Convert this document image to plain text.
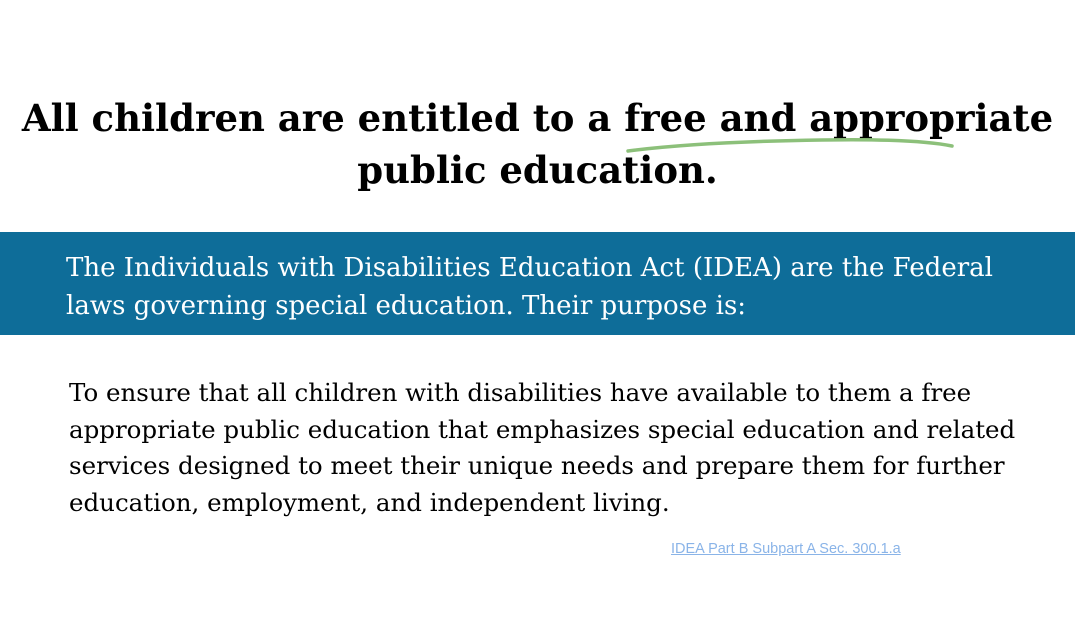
All children are entitled to a free and appropriate
public education.

The Individuals with Disabilities Education Act (IDEA) are the Federal laws governing special education. Their purpose is:

To ensure that all children with disabilities have available to them a free appropriate public education that emphasizes special education and related services designed to meet their unique needs and prepare them for further education, employment, and independent living.

IDEA Part B Subpart A Sec. 300.1.a
